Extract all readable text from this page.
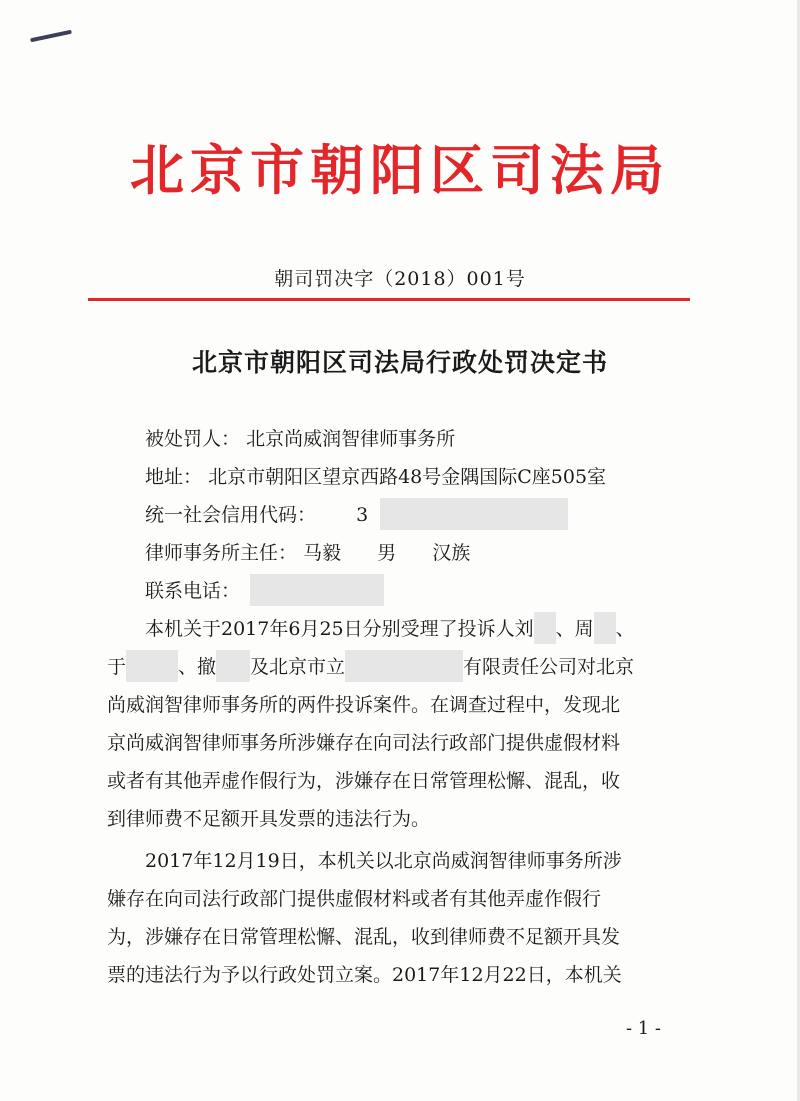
北京市朝阳区司法局
朝司罚决字（2018）001号
北京市朝阳区司法局行政处罚决定书
被处罚人： 北京尚威润智律师事务所
地址： 北京市朝阳区望京西路48号金隅国际C座505室
统一社会信用代码： 3
律师事务所主任： 马毅 男 汉族
联系电话：
本机关于2017年6月25日分别受理了投诉人刘 、周 、
于	、撤 及北京市立	有限责任公司对北京
尚威润智律师事务所的两件投诉案件。在调查过程中，发现北
京尚威润智律师事务所涉嫌存在向司法行政部门提供虚假材料
或者有其他弄虚作假行为，涉嫌存在日常管理松懈、混乱，收
到律师费不足额开具发票的违法行为。
2017年12月19日，本机关以北京尚威润智律师事务所涉
嫌存在向司法行政部门提供虚假材料或者有其他弄虚作假行
为，涉嫌存在日常管理松懈、混乱，收到律师费不足额开具发
票的违法行为予以行政处罚立案。2017年12月22日，本机关
- 1 -
